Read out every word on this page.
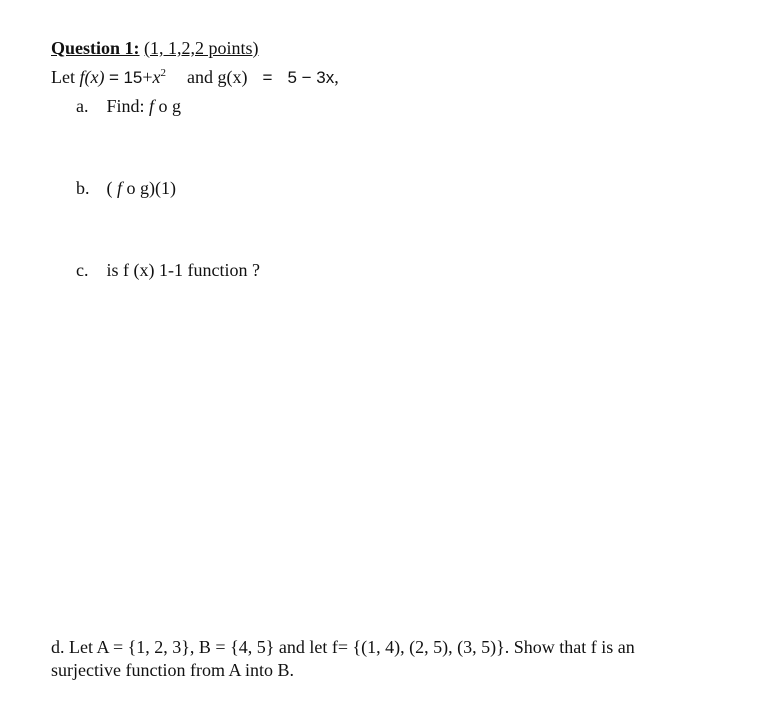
Question 1: (1, 1,2,2 points)
Let $f(x) = 15+x^2$ and g(x) = 5 − 3x,
a. Find: f o g
b. ( f o g)(1)
c. is f (x) 1-1 function ?
d. Let A = {1, 2, 3}, B = {4, 5} and let f= {(1, 4), (2, 5), (3, 5)}. Show that f is an
surjective function from A into B.
